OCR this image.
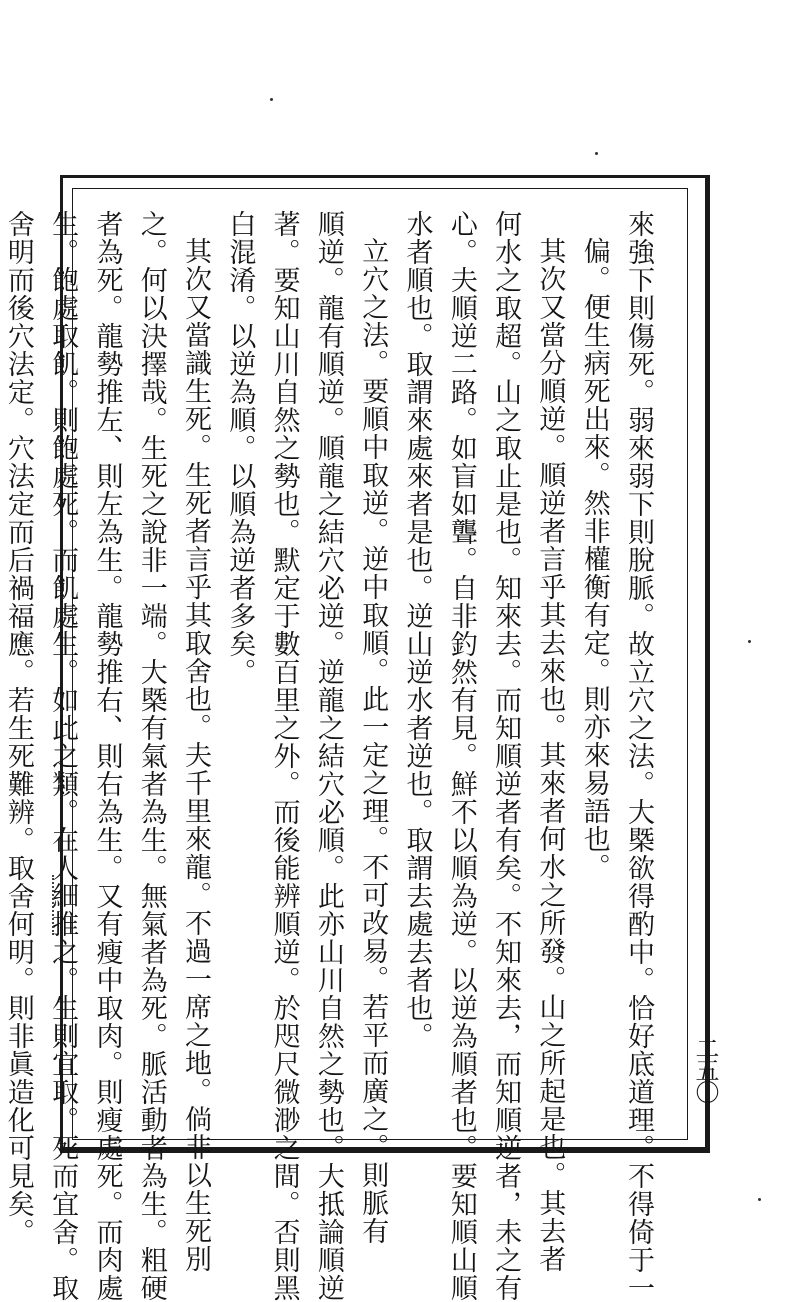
來強下則傷死。弱來弱下則脫脈。故立穴之法。大槩欲得酌中。恰好底道理。不得倚于一
偏。便生病死出來。然非權衡有定。則亦來易語也。
其次又當分順逆。順逆者言乎其去來也。其來者何水之所發。山之所起是也。其去者
何水之取超。山之取止是也。知來去。而知順逆者有矣。不知來去，而知順逆者，未之有
心。夫順逆二路。如盲如聾。自非釣然有見。鮮不以順為逆。以逆為順者也。要知順山順
水者順也。取謂來處來者是也。逆山逆水者逆也。取謂去處去者也。
立穴之法。要順中取逆。逆中取順。此一定之理。不可改易。若平而廣之。則脈有
順逆。龍有順逆。順龍之結穴必逆。逆龍之結穴必順。此亦山川自然之勢也。大抵論順逆
著。要知山川自然之勢也。默定于數百里之外。而後能辨順逆。於咫尺微渺之間。否則黑
白混淆。以逆為順。以順為逆者多矣。
其次又當識生死。生死者言乎其取舍也。夫千里來龍。不過一席之地。倘非以生死別
之。何以決擇哉。生死之說非一端。大槩有氣者為生。無氣者為死。脈活動者為生。粗硬
者為死。龍勢推左、則左為生。龍勢推右、則右為生。又有瘦中取肉。則瘦處死。而肉處
生。飽處取飢。則飽處死。而飢處生。如此之類。在人細推之。生則宜取。死而宜舍。取
舍明而後穴法定。穴法定而后禍福應。若生死難辨。取舍何明。則非眞造化可見矣。	二五〇
